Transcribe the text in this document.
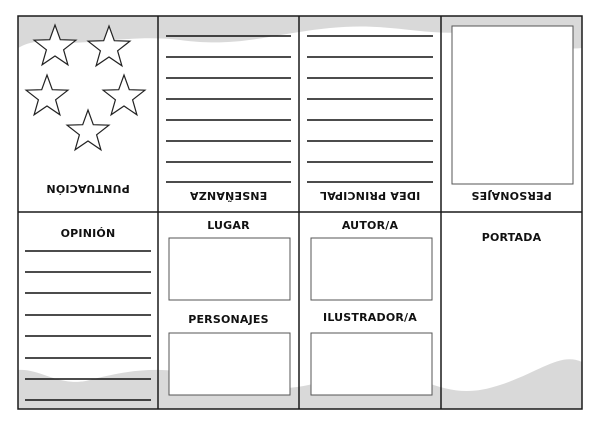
PUNTUACIÓN
ENSEÑANZA	IDEA PRINCIPAL	PERSONAJES
OPINIÓN
LUGAR
PERSONAJES
AUTOR/A
ILUSTRADOR/A
PORTADA
